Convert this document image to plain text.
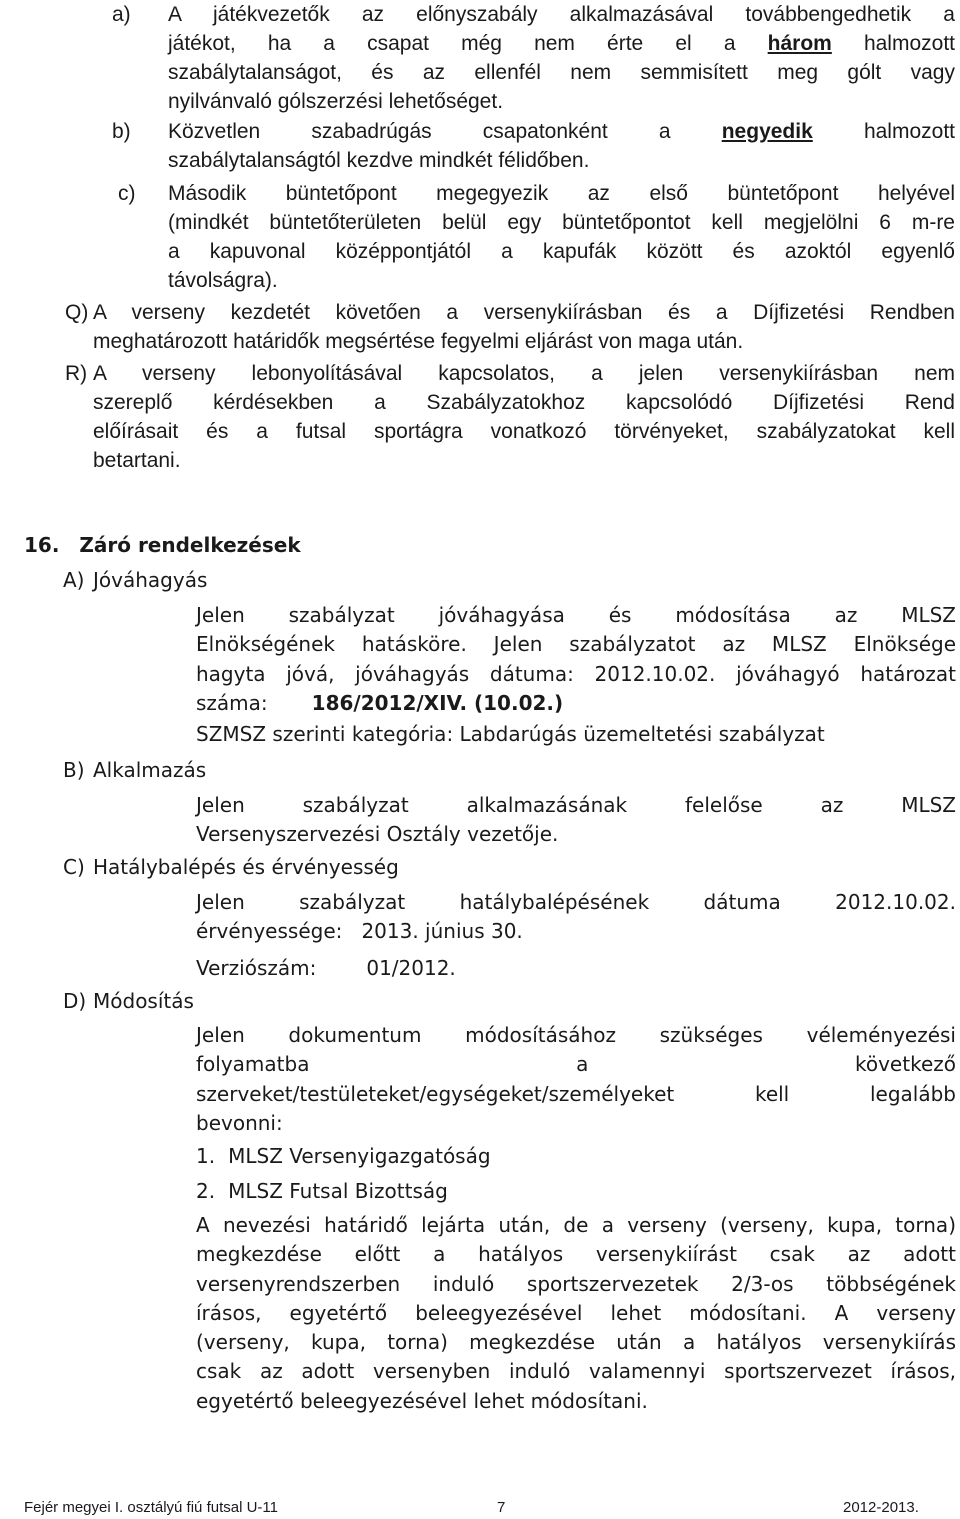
a) A játékvezetők az előnyszabály alkalmazásával továbbengedhetik a
játékot, ha a csapat még nem érte el a három halmozott
szabálytalanságot, és az ellenfél nem semmisített meg gólt vagy
nyilvánvaló gólszerzési lehetőséget.
b) Közvetlen szabadrúgás csapatonként a negyedik halmozott
szabálytalanságtól kezdve mindkét félidőben.
c) Második büntetőpont megegyezik az első büntetőpont helyével
(mindkét büntetőterületen belül egy büntetőpontot kell megjelölni 6 m-re
a kapuvonal középpontjától a kapufák között és azoktól egyenlő
távolságra).
Q) A verseny kezdetét követően a versenykiírásban és a Díjfizetési Rendben
meghatározott határidők megsértése fegyelmi eljárást von maga után.
R) A verseny lebonyolításával kapcsolatos, a jelen versenykiírásban nem
szereplő kérdésekben a Szabályzatokhoz kapcsolódó Díjfizetési Rend
előírásait és a futsal sportágra vonatkozó törvényeket, szabályzatokat kell
betartani.
16. Záró rendelkezések
A) Jóváhagyás
Jelen szabályzat jóváhagyása és módosítása az MLSZ
Elnökségének hatásköre. Jelen szabályzatot az MLSZ Elnöksége
hagyta jóvá, jóváhagyás dátuma: 2012.10.02. jóváhagyó határozat
száma: 186/2012/XIV. (10.02.)
SZMSZ szerinti kategória: Labdarúgás üzemeltetési szabályzat
B) Alkalmazás
Jelen szabályzat alkalmazásának felelőse az MLSZ
Versenyszervezési Osztály vezetője.
C) Hatálybalépés és érvényesség
Jelen szabályzat hatálybalépésének dátuma 2012.10.02.
érvényessége:   2013. június 30.
Verziószám:	01/2012.
D) Módosítás
Jelen dokumentum módosításához szükséges véleményezési
folyamatba a következő
szerveket/testületeket/egységeket/személyeket kell legalább
bevonni:
1. MLSZ Versenyigazgatóság
2. MLSZ Futsal Bizottság
A nevezési határidő lejárta után, de a verseny (verseny, kupa, torna)
megkezdése előtt a hatályos versenykiírást csak az adott
versenyrendszerben induló sportszervezetek 2/3-os többségének
írásos, egyetértő beleegyezésével lehet módosítani. A verseny
(verseny, kupa, torna) megkezdése után a hatályos versenykiírás
csak az adott versenyben induló valamennyi sportszervezet írásos,
egyetértő beleegyezésével lehet módosítani.
Fejér megyei I. osztályú fiú futsal U-11	7	2012-2013.
